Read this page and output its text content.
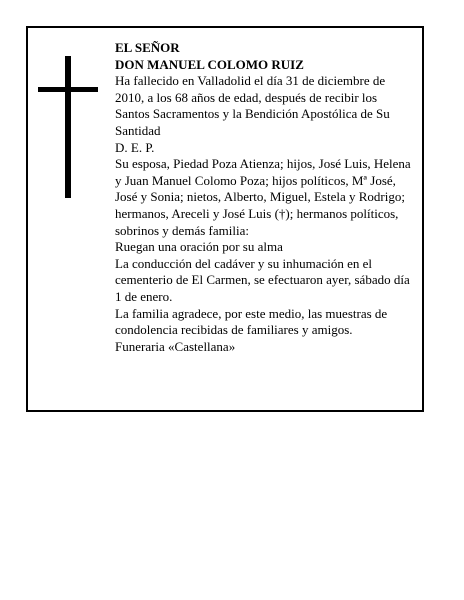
EL SEÑOR

DON MANUEL COLOMO RUIZ

Ha fallecido en Valladolid el día 31 de diciembre de 2010, a los 68 años de edad, después de recibir los Santos Sacramentos y la Bendición Apostólica de Su Santidad

D. E. P.

Su esposa, Piedad Poza Atienza; hijos, José Luis, Helena y Juan Manuel Colomo Poza; hijos políticos, Mª José, José y Sonia; nietos, Alberto, Miguel, Estela y Rodrigo; hermanos, Areceli y José Luis (†); hermanos políticos, sobrinos y demás familia:

Ruegan una oración por su alma

La conducción del cadáver y su inhumación en el cementerio de El Carmen, se efectuaron ayer, sábado día 1 de enero.

La familia agradece, por este medio, las muestras de condolencia recibidas de familiares y amigos.

Funeraria «Castellana»
